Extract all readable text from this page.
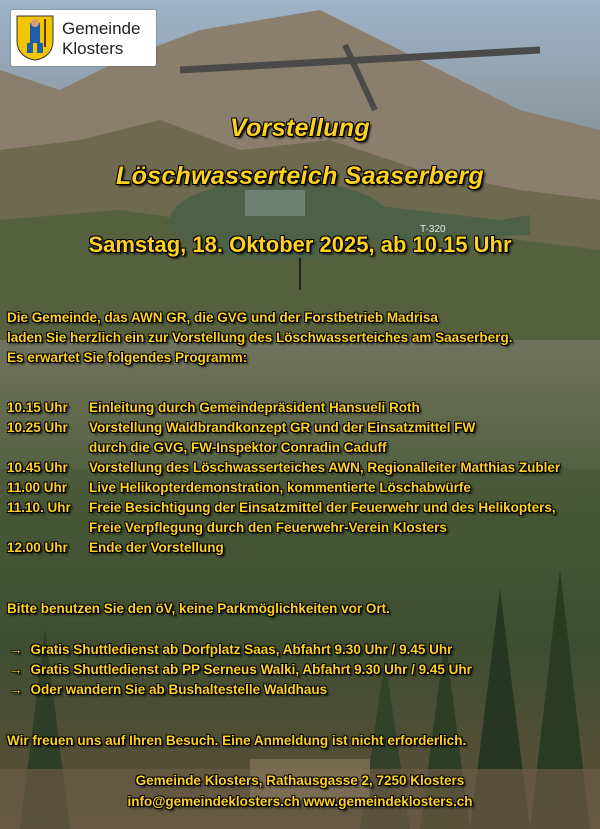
T-320
Gemeinde
Klosters
Vorstellung
Löschwasserteich Saaserberg
Samstag, 18. Oktober 2025, ab 10.15 Uhr
Die Gemeinde, das AWN GR, die GVG und der Forstbetrieb Madrisa
laden Sie herzlich ein zur Vorstellung des Löschwasserteiches am Saaserberg.
Es erwartet Sie folgendes Programm:
10.15 Uhr	Einleitung durch Gemeindepräsident Hansueli Roth
10.25 Uhr	Vorstellung Waldbrandkonzept GR und der Einsatzmittel FW
durch die GVG, FW-Inspektor Conradin Caduff
10.45 Uhr	Vorstellung des Löschwasserteiches AWN, Regionalleiter Matthias Zubler
11.00 Uhr	Live Helikopterdemonstration, kommentierte Löschabwürfe
11.10. Uhr	Freie Besichtigung der Einsatzmittel der Feuerwehr und des Helikopters,
Freie Verpflegung durch den Feuerwehr-Verein Klosters
12.00 Uhr	Ende der Vorstellung
Bitte benutzen Sie den öV, keine Parkmöglichkeiten vor Ort.
→ Gratis Shuttledienst ab Dorfplatz Saas, Abfahrt 9.30 Uhr / 9.45 Uhr
→ Gratis Shuttledienst ab PP Serneus Walki, Abfahrt 9.30 Uhr / 9.45 Uhr
→ Oder wandern Sie ab Bushaltestelle Waldhaus
Wir freuen uns auf Ihren Besuch. Eine Anmeldung ist nicht erforderlich.
Gemeinde Klosters, Rathausgasse 2, 7250 Klosters
info@gemeindeklosters.ch www.gemeindeklosters.ch
